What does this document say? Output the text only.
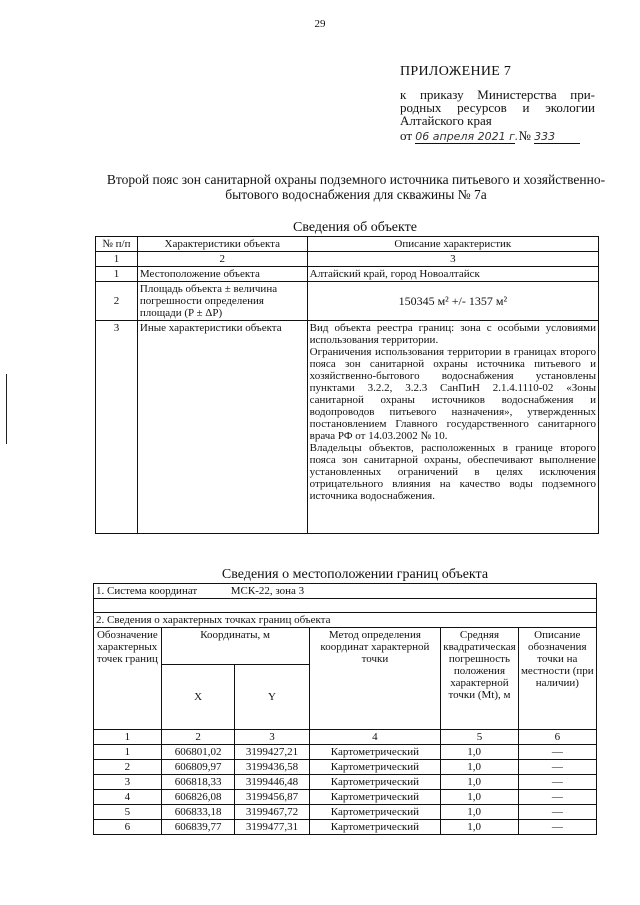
29
ПРИЛОЖЕНИЕ 7
к приказу Министерства при-
родных ресурсов и экологии
Алтайского края
от 06 апреля 2021 г. № 333
Второй пояс зон санитарной охраны подземного источника питьевого и хозяйственно-бытового водоснабжения для скважины № 7а
Сведения об объекте
№ п/п	Характеристики объекта	Описание характеристик
1	2	3
1	Местоположение объекта	Алтайский край, город Новоалтайск
2	Площадь объекта ± величина погрешности определения площади (P ± ΔP)	150345 м² +/- 1357 м²
3	Иные характеристики объекта	Вид объекта реестра границ: зона с особыми условиями использования территории.
Ограничения использования территории в границах второго пояса зон санитарной охраны источника питьевого и хозяйственно-бытового водоснабжения установлены пунктами 3.2.2, 3.2.3 СанПиН 2.1.4.1110-02 «Зоны санитарной охраны источников водоснабжения и водопроводов питьевого назначения», утвержденных постановлением Главного государственного санитарного врача РФ от 14.03.2002 № 10.
Владельцы объектов, расположенных в границе второго пояса зон санитарной охраны, обеспечивают выполнение установленных ограничений в целях исключения отрицательного влияния на качество воды подземного источника водоснабжения.
Сведения о местоположении границ объекта
1. Система координат МСК-22, зона 3					

2. Сведения о характерных точках границ объекта					
Обозначение характерных точек границ	Координаты, м		Метод определения координат характерной точки	Средняя квадратическая погрешность положения характерной точки (Mt), м	Описание обозначения точки на местности (при наличии)
	X	Y			
1	2	3	4	5	6
1	606801,02	3199427,21	Картометрический	1,0	—
2	606809,97	3199436,58	Картометрический	1,0	—
3	606818,33	3199446,48	Картометрический	1,0	—
4	606826,08	3199456,87	Картометрический	1,0	—
5	606833,18	3199467,72	Картометрический	1,0	—
6	606839,77	3199477,31	Картометрический	1,0	—
